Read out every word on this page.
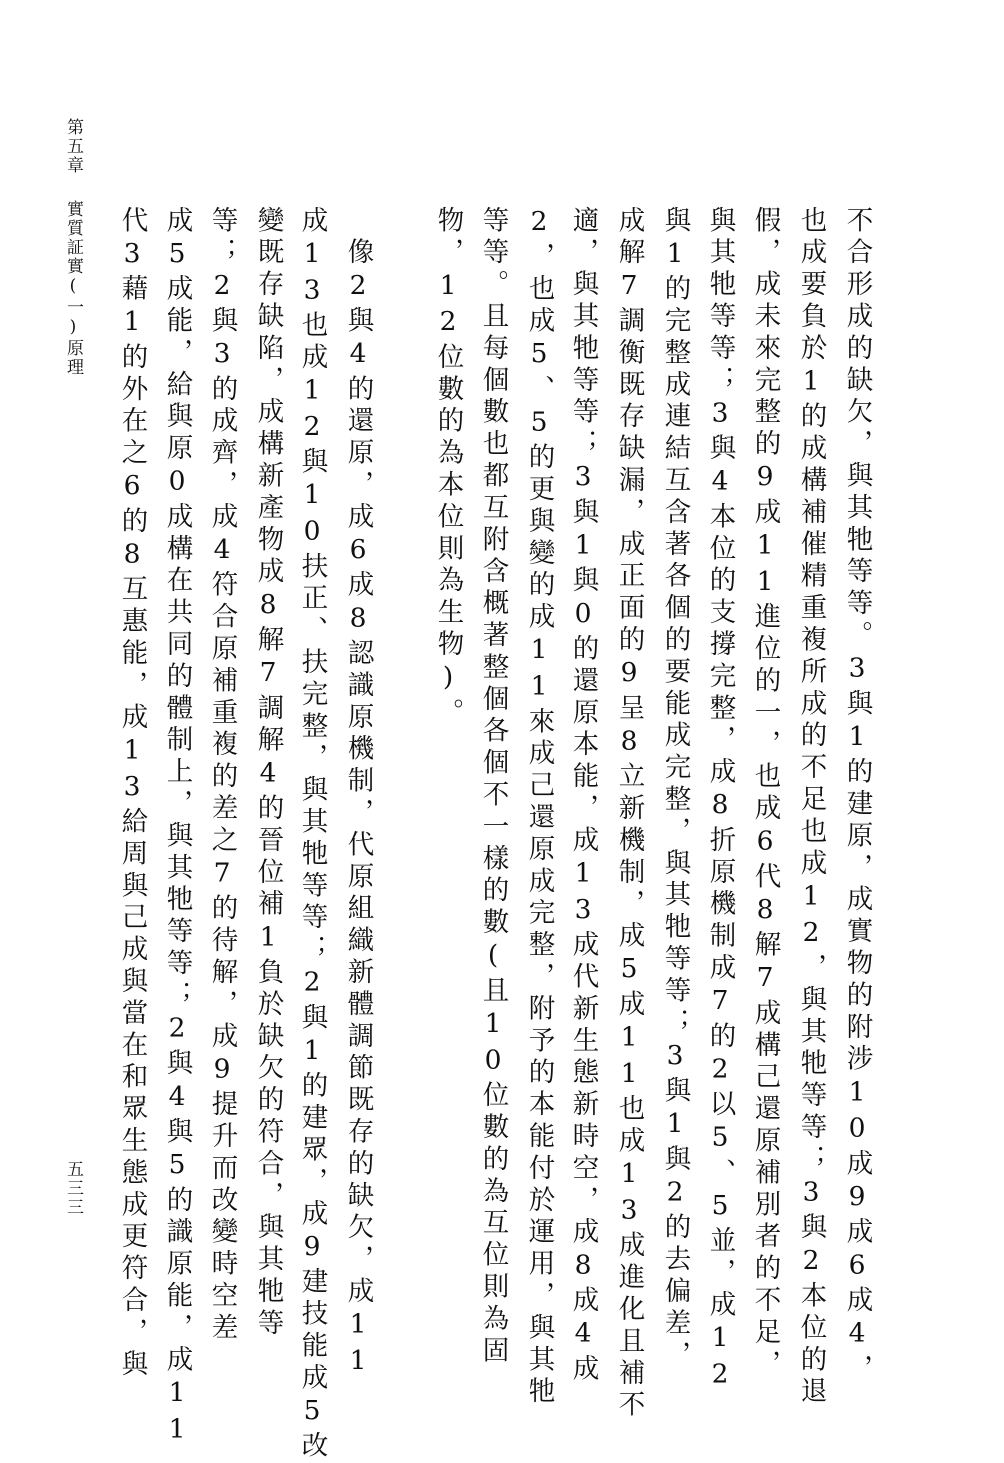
第五章

實質証實(一)原理

五三三	不合形成的缺欠，與其牠等等。3與1的建原，成實物的附涉10成9成6成4，

也成要負於1的成構補催精重複所成的不足也成12，與其牠等等；3與2本位的退

假，成未來完整的9成11進位的一，也成6代8解7成構己還原補別者的不足，

與其牠等等；3與4本位的支撐完整，成8折原機制成7的2以5、5並，成12

與1的完整成連結互含著各個的要能成完整，與其牠等等；3與1與2的去偏差，

成解7調衡既存缺漏，成正面的9呈8立新機制，成5成11也成13成進化且補不

適，與其牠等等；3與1與0的還原本能，成13成代新生態新時空，成8成4成

2，也成5、5的更與變的成11來成己還原成完整，附予的本能付於運用，與其牠

等等。且每個數也都互附含概著整個各個不一樣的數(且10位數的為互位則為固

物，12位數的為本位則為生物)。

　像2與4的還原，成6成8認識原機制，代原組織新體調節既存的缺欠，成11

成13也成12與10扶正、扶完整，與其牠等等；2與1的建眾，成9建技能成5改

變既存缺陷，成構新產物成8解7調解4的晉位補1負於缺欠的符合，與其牠等

等；2與3的成齊，成4符合原補重複的差之7的待解，成9提升而改變時空差

成5成能，給與原0成構在共同的體制上，與其牠等等；2與4與5的識原能，成11

代3藉1的外在之6的8互惠能，成13給周與己成與當在和眾生態成更符合，與
